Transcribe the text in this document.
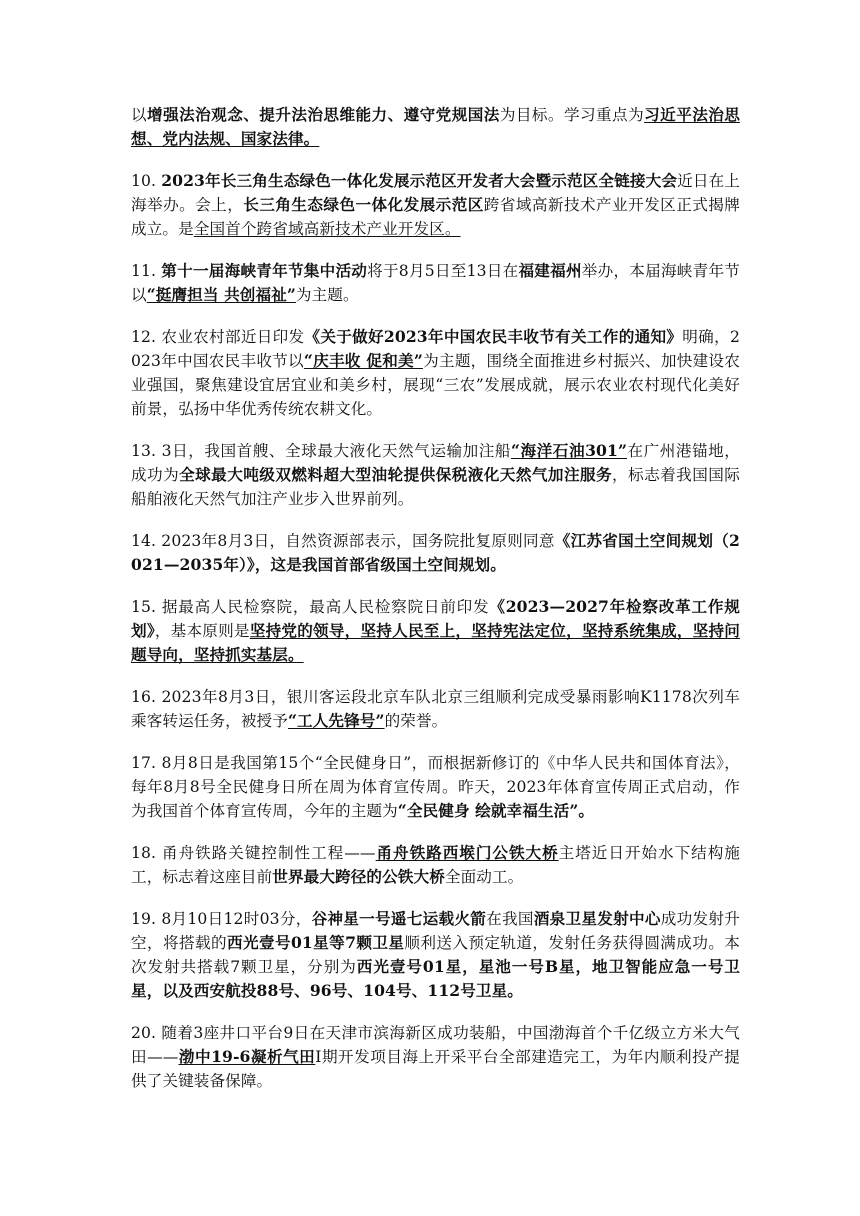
以增强法治观念、提升法治思维能力、遵守党规国法为目标。学习重点为习近平法治思想、党内法规、国家法律。

10. 2023年长三角生态绿色一体化发展示范区开发者大会暨示范区全链接大会近日在上海举办。会上，长三角生态绿色一体化发展示范区跨省域高新技术产业开发区正式揭牌成立。是全国首个跨省域高新技术产业开发区。

11. 第十一届海峡青年节集中活动将于8月5日至13日在福建福州举办，本届海峡青年节以“挺膺担当 共创福祉”为主题。

12. 农业农村部近日印发《关于做好2023年中国农民丰收节有关工作的通知》明确，2023年中国农民丰收节以“庆丰收 促和美”为主题，围绕全面推进乡村振兴、加快建设农业强国，聚焦建设宜居宜业和美乡村，展现“三农”发展成就，展示农业农村现代化美好前景，弘扬中华优秀传统农耕文化。

13. 3日，我国首艘、全球最大液化天然气运输加注船“海洋石油301”在广州港锚地，成功为全球最大吨级双燃料超大型油轮提供保税液化天然气加注服务，标志着我国国际船舶液化天然气加注产业步入世界前列。

14. 2023年8月3日，自然资源部表示，国务院批复原则同意《江苏省国土空间规划（2021—2035年）》，这是我国首部省级国土空间规划。

15. 据最高人民检察院，最高人民检察院日前印发《2023—2027年检察改革工作规划》，基本原则是坚持党的领导，坚持人民至上，坚持宪法定位，坚持系统集成，坚持问题导向，坚持抓实基层。

16. 2023年8月3日，银川客运段北京车队北京三组顺利完成受暴雨影响K1178次列车乘客转运任务，被授予“工人先锋号”的荣誉。

17. 8月8日是我国第15个“全民健身日”，而根据新修订的《中华人民共和国体育法》，每年8月8号全民健身日所在周为体育宣传周。昨天，2023年体育宣传周正式启动，作为我国首个体育宣传周，今年的主题为“全民健身 绘就幸福生活”。

18. 甬舟铁路关键控制性工程——甬舟铁路西堠门公铁大桥主塔近日开始水下结构施工，标志着这座目前世界最大跨径的公铁大桥全面动工。

19. 8月10日12时03分，谷神星一号遥七运载火箭在我国酒泉卫星发射中心成功发射升空，将搭载的西光壹号01星等7颗卫星顺利送入预定轨道，发射任务获得圆满成功。本次发射共搭载7颗卫星，分别为西光壹号01星，星池一号B星，地卫智能应急一号卫星，以及西安航投88号、96号、104号、112号卫星。

20. 随着3座井口平台9日在天津市滨海新区成功装船，中国渤海首个千亿级立方米大气田——渤中19-6凝析气田Ⅰ期开发项目海上开采平台全部建造完工，为年内顺利投产提供了关键装备保障。
